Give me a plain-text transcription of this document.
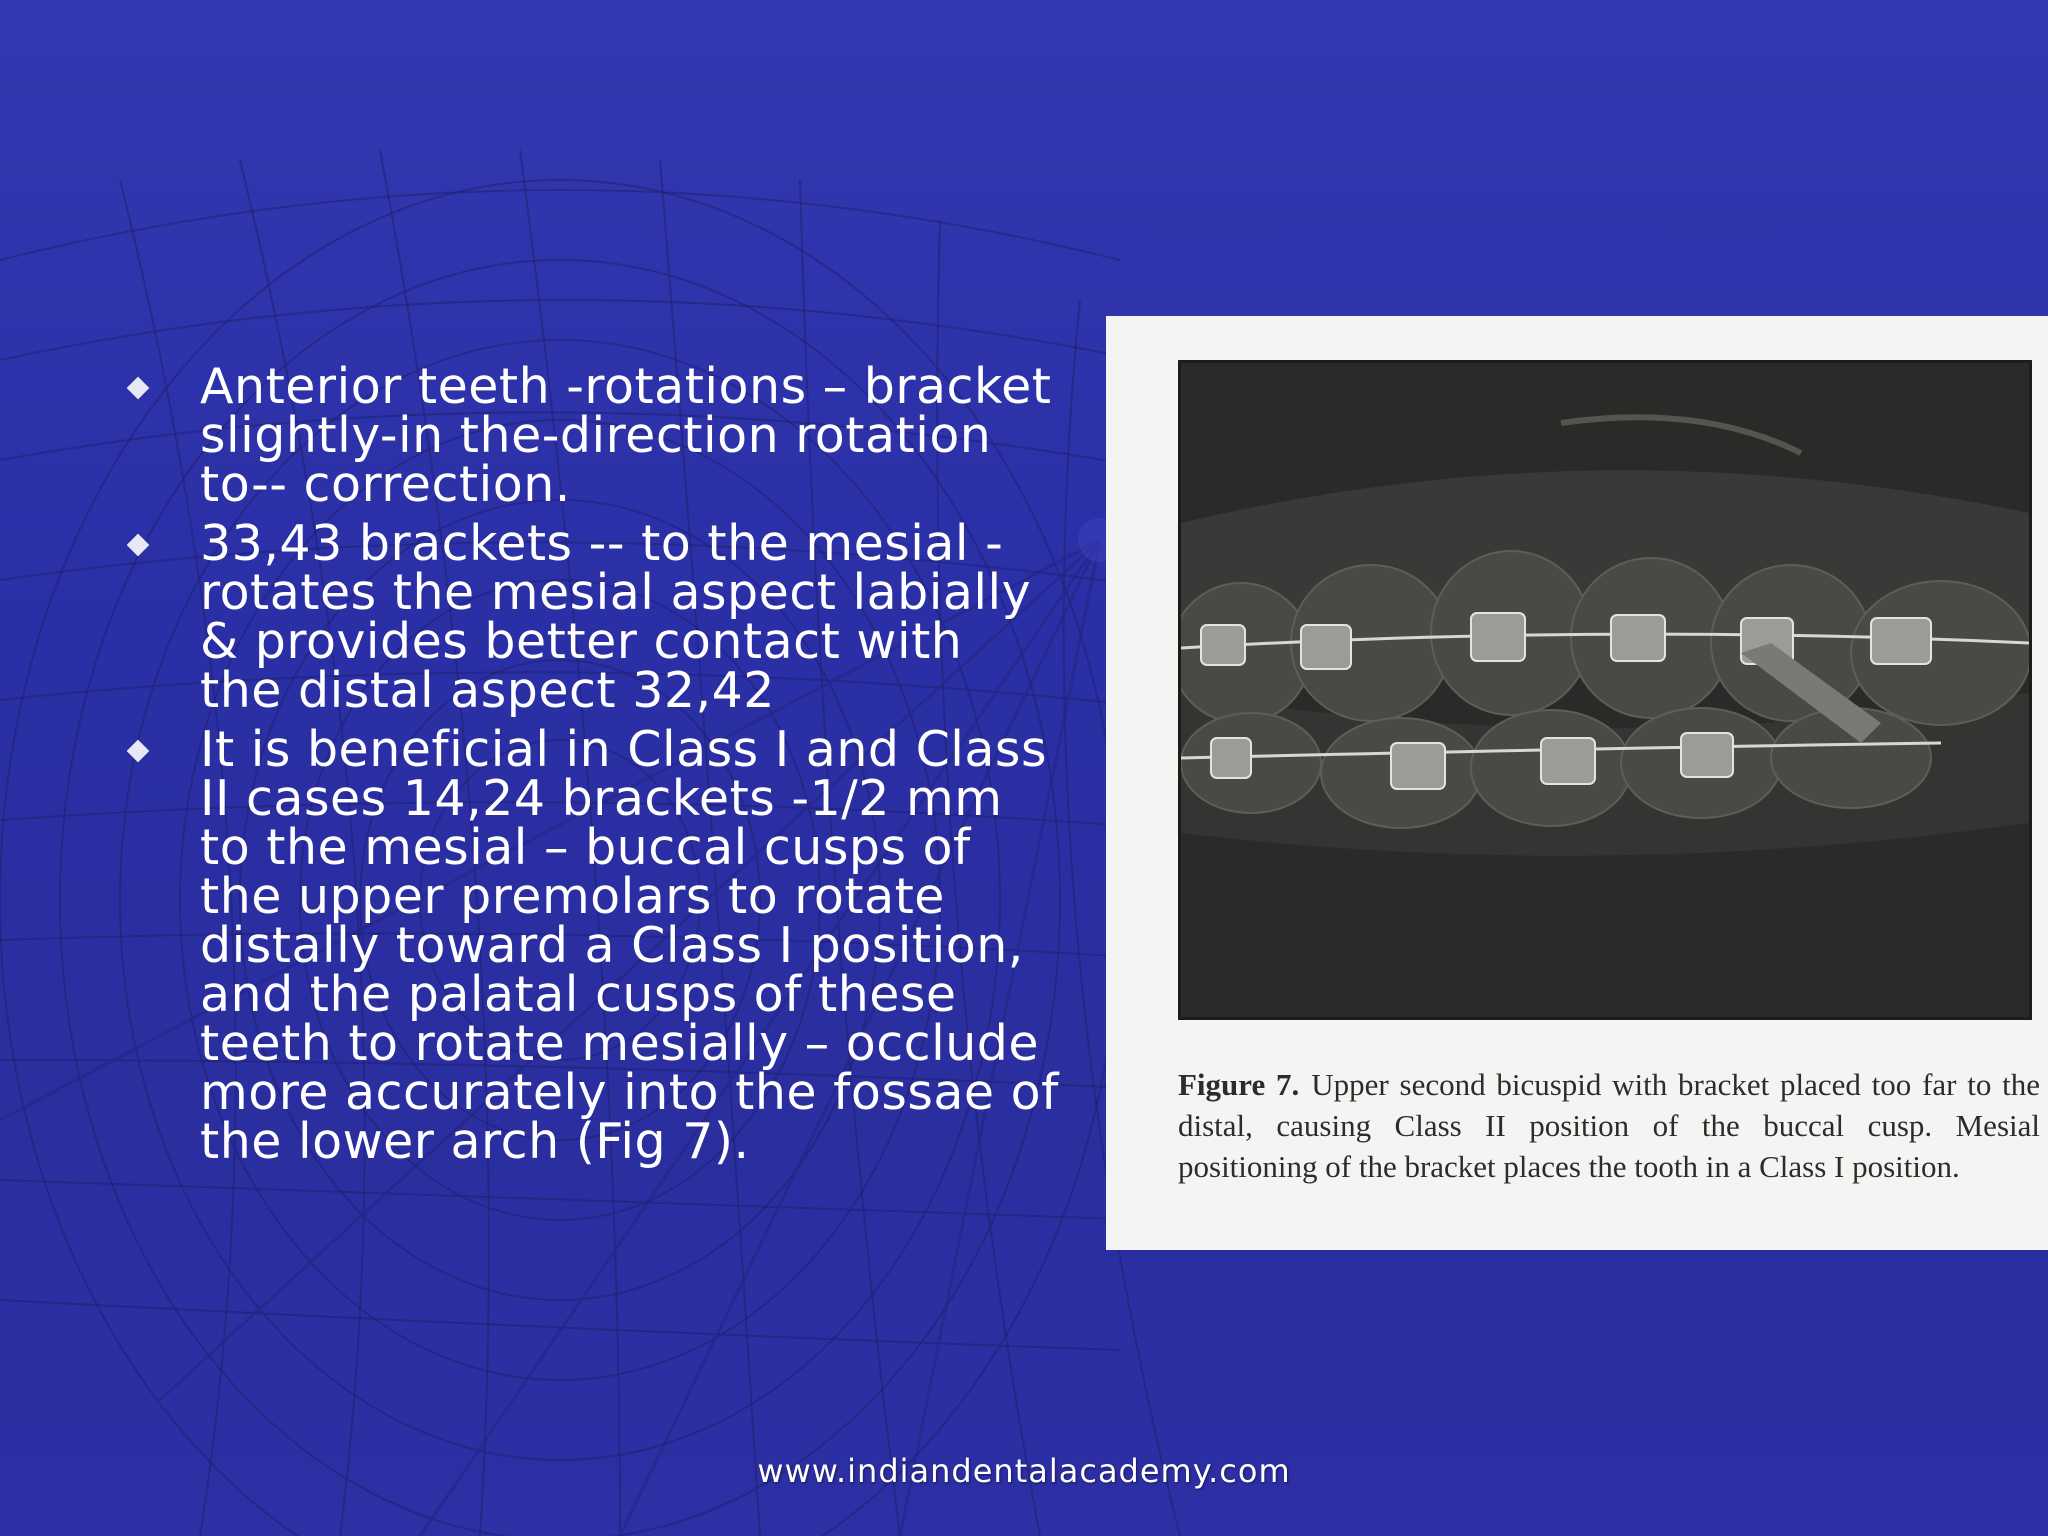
Anterior teeth -rotations – bracket slightly-in the-direction rotation to-- correction.
33,43 brackets -- to the mesial - rotates the mesial aspect labially & provides better contact with the distal aspect 32,42
It is beneficial in Class I and Class II cases 14,24 brackets -1/2 mm to the mesial – buccal cusps of the upper premolars to rotate distally toward a Class I position, and the palatal cusps of these teeth to rotate mesially – occlude more accurately into the fossae of the lower arch (Fig 7).
Figure 7. Upper second bicuspid with bracket placed too far to the distal, causing Class II position of the buccal cusp. Mesial positioning of the bracket places the tooth in a Class I position.
www.indiandentalacademy.com
